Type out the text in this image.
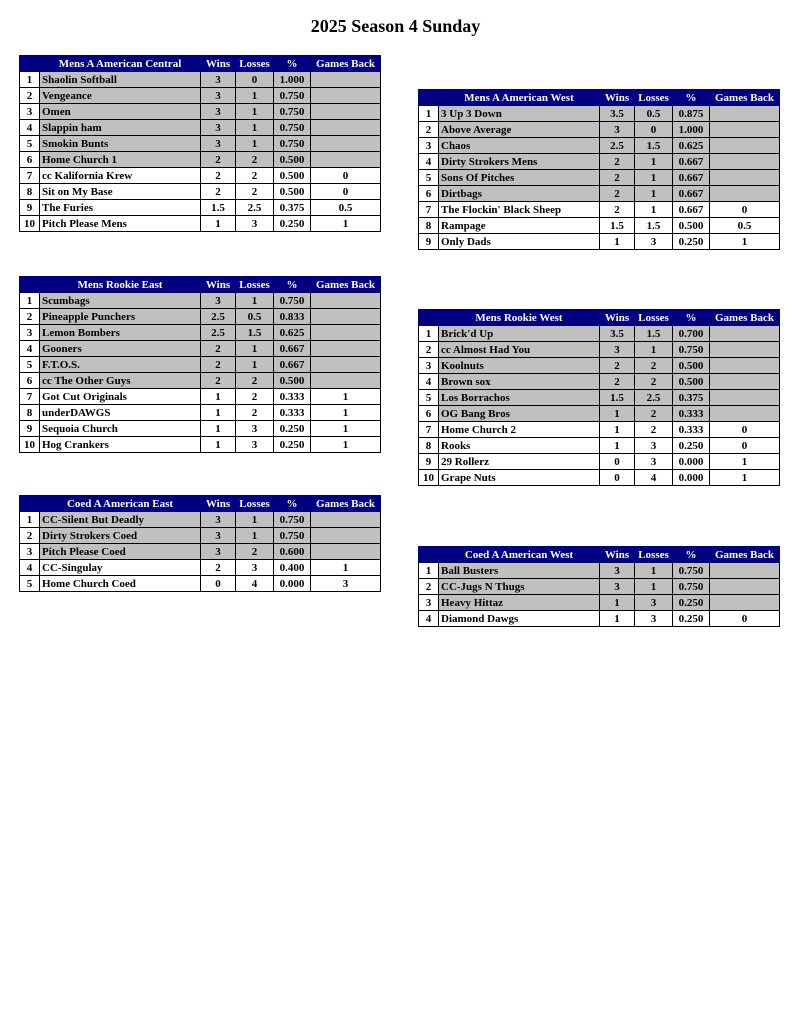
2025 Season 4 Sunday
	Mens A American Central	Wins	Losses	%	Games Back
1	Shaolin Softball	3	0	1.000	
2	Vengeance	3	1	0.750	
3	Omen	3	1	0.750	
4	Slappin ham	3	1	0.750	
5	Smokin Bunts	3	1	0.750	
6	Home Church 1	2	2	0.500	
7	cc Kalifornia Krew	2	2	0.500	0
8	Sit on My Base	2	2	0.500	0
9	The Furies	1.5	2.5	0.375	0.5
10	Pitch Please Mens	1	3	0.250	1
	Mens A American West	Wins	Losses	%	Games Back
1	3 Up 3 Down	3.5	0.5	0.875	
2	Above Average	3	0	1.000	
3	Chaos	2.5	1.5	0.625	
4	Dirty Strokers Mens	2	1	0.667	
5	Sons Of Pitches	2	1	0.667	
6	Dirtbags	2	1	0.667	
7	The Flockin' Black Sheep	2	1	0.667	0
8	Rampage	1.5	1.5	0.500	0.5
9	Only Dads	1	3	0.250	1
	Mens Rookie East	Wins	Losses	%	Games Back
1	Scumbags	3	1	0.750	
2	Pineapple Punchers	2.5	0.5	0.833	
3	Lemon Bombers	2.5	1.5	0.625	
4	Gooners	2	1	0.667	
5	F.T.O.S.	2	1	0.667	
6	cc The Other Guys	2	2	0.500	
7	Got Cut Originals	1	2	0.333	1
8	underDAWGS	1	2	0.333	1
9	Sequoia Church	1	3	0.250	1
10	Hog Crankers	1	3	0.250	1
	Mens Rookie West	Wins	Losses	%	Games Back
1	Brick'd Up	3.5	1.5	0.700	
2	cc Almost Had You	3	1	0.750	
3	Koolnuts	2	2	0.500	
4	Brown sox	2	2	0.500	
5	Los Borrachos	1.5	2.5	0.375	
6	OG Bang Bros	1	2	0.333	
7	Home Church 2	1	2	0.333	0
8	Rooks	1	3	0.250	0
9	29 Rollerz	0	3	0.000	1
10	Grape Nuts	0	4	0.000	1
	Coed A American East	Wins	Losses	%	Games Back
1	CC-Silent But Deadly	3	1	0.750	
2	Dirty Strokers Coed	3	1	0.750	
3	Pitch Please Coed	3	2	0.600	
4	CC-Singulay	2	3	0.400	1
5	Home Church Coed	0	4	0.000	3
	Coed A American West	Wins	Losses	%	Games Back
1	Ball Busters	3	1	0.750	
2	CC-Jugs N Thugs	3	1	0.750	
3	Heavy Hittaz	1	3	0.250	
4	Diamond Dawgs	1	3	0.250	0
